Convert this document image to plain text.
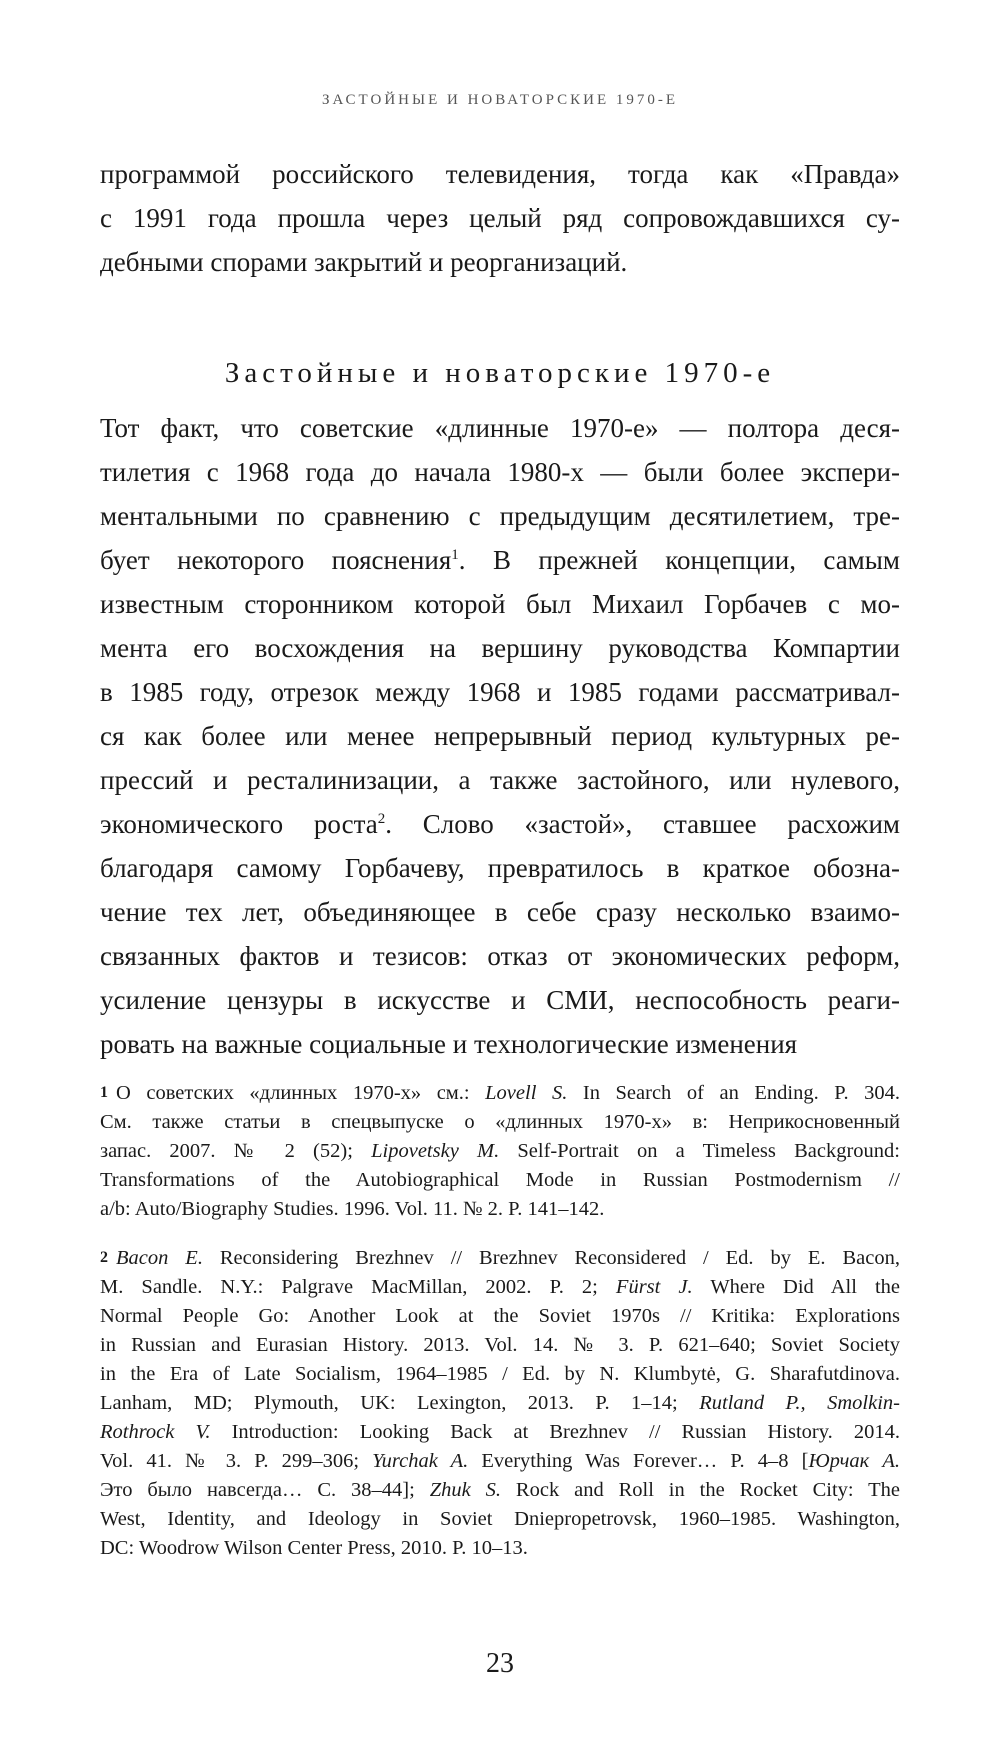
ЗАСТОЙНЫЕ И НОВАТОРСКИЕ 1970-Е
программой российского телевидения, тогда как «Правда»
с 1991 года прошла через целый ряд сопровождавшихся су-
дебными спорами закрытий и реорганизаций.
Застойные и новаторские 1970-е
Тот факт, что советские «длинные 1970-е» — полтора деся-
тилетия с 1968 года до начала 1980-х — были более экспери-
ментальными по сравнению с предыдущим десятилетием, тре-
бует некоторого пояснения$^1$. В прежней концепции, самым
известным сторонником которой был Михаил Горбачев с мо-
мента его восхождения на вершину руководства Компартии
в 1985 году, отрезок между 1968 и 1985 годами рассматривал-
ся как более или менее непрерывный период культурных ре-
прессий и ресталинизации, а также застойного, или нулевого,
экономического роста$^2$. Слово «застой», ставшее расхожим
благодаря самому Горбачеву, превратилось в краткое обозна-
чение тех лет, объединяющее в себе сразу несколько взаимо-
связанных фактов и тезисов: отказ от экономических реформ,
усиление цензуры в искусстве и СМИ, неспособность реаги-
ровать на важные социальные и технологические изменения
1 О советских «длинных 1970-х» см.: Lovell S. In Search of an Ending. P. 304.
См. также статьи в спецвыпуске о «длинных 1970-х» в: Неприкосновенный
запас. 2007. № 2 (52); Lipovetsky M. Self-Portrait on a Timeless Background:
Transformations of the Autobiographical Mode in Russian Postmodernism //
a/b: Auto/Biography Studies. 1996. Vol. 11. № 2. P. 141–142.
2 Bacon E. Reconsidering Brezhnev // Brezhnev Reconsidered / Ed. by E. Bacon,
M. Sandle. N.Y.: Palgrave MacMillan, 2002. P. 2; Fürst J. Where Did All the
Normal People Go: Another Look at the Soviet 1970s // Kritika: Explorations
in Russian and Eurasian History. 2013. Vol. 14. № 3. P. 621–640; Soviet Society
in the Era of Late Socialism, 1964–1985 / Ed. by N. Klumbytė, G. Sharafutdinova.
Lanham, MD; Plymouth, UK: Lexington, 2013. P. 1–14; Rutland P., Smolkin-
Rothrock V. Introduction: Looking Back at Brezhnev // Russian History. 2014.
Vol. 41. № 3. P. 299–306; Yurchak A. Everything Was Forever… P. 4–8 [Юрчак А.
Это было навсегда… С. 38–44]; Zhuk S. Rock and Roll in the Rocket City: The
West, Identity, and Ideology in Soviet Dniepropetrovsk, 1960–1985. Washington,
DC: Woodrow Wilson Center Press, 2010. P. 10–13.
23
